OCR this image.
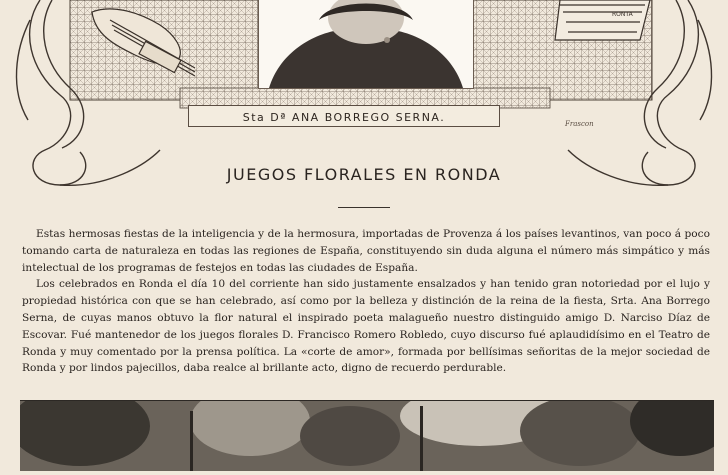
RONTA
Sta Dª ANA BORREGO SERNA.	Frascon
JUEGOS FLORALES EN RONDA

Estas hermosas fiestas de la inteligencia y de la hermosura, importadas de Provenza á los países levantinos, van poco á poco tomando carta de naturaleza en todas las regiones de España, constituyendo sin duda alguna el número más simpático y más intelectual de los programas de festejos en todas las ciudades de España.

Los celebrados en Ronda el día 10 del corriente han sido justamente ensalzados y han tenido gran notoriedad por el lujo y propiedad histórica con que se han celebrado, así como por la belleza y distinción de la reina de la fiesta, Srta. Ana Borrego Serna, de cuyas manos obtuvo la flor natural el inspirado poeta malagueño nuestro distinguido amigo D. Narciso Díaz de Escovar. Fué mantenedor de los juegos florales D. Francisco Romero Robledo, cuyo discurso fué aplaudidísimo en el Teatro de Ronda y muy comentado por la prensa política. La «corte de amor», formada por bellísimas señoritas de la mejor sociedad de Ronda y por lindos pajecillos, daba realce al brillante acto, digno de recuerdo perdurable.
